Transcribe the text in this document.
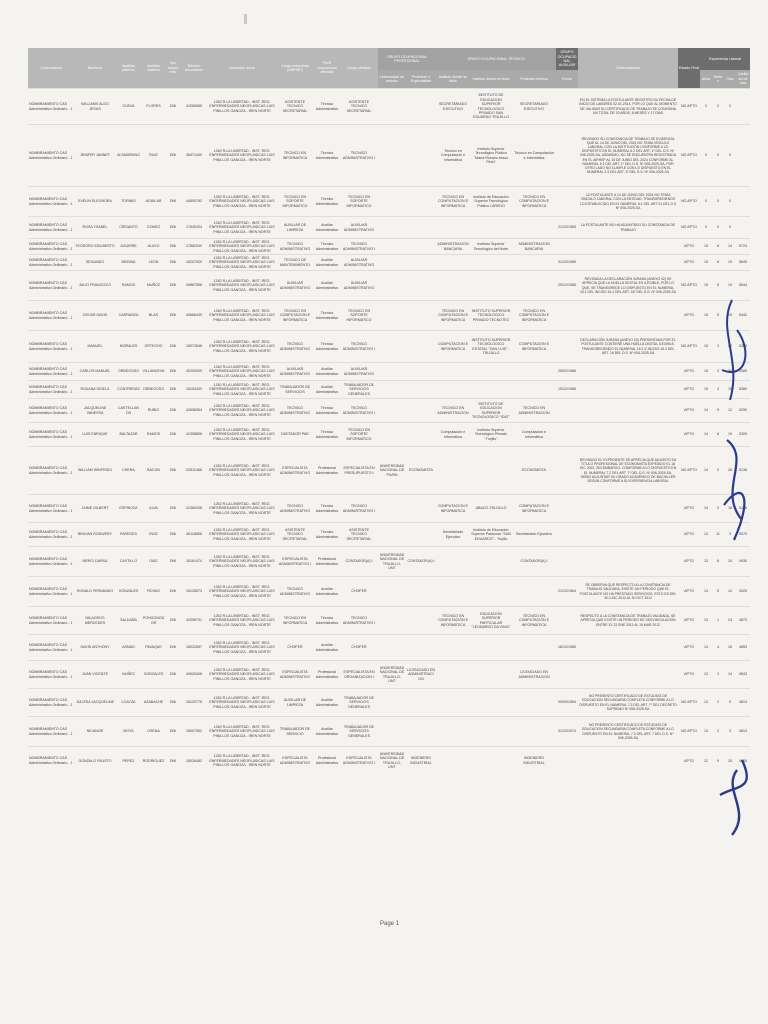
Convocatoria	Nombres	Apellido paterno	Apellido materno	Tipo documento	Número documento	Institución única	Cargo estructural (AIRHSP)	Perfil ocupacional ofertado	Cargo ofertado	GRUPO OCUPACIONAL PROFESIONAL		GRUPO OCUPACIONAL TÉCNICO			GRUPO OCUPACIONAL AUXILIAR	Observaciones	Estado Final	Experiencia Laboral			
										Universidad de estudio	Profesión o Especialidad	Instituto donde se titulo	Instituto donde se titulo	Profesión técnica	Fecha			Años	Meses	Días	Cantidad de días
NOMBRAMIENTO CAS Administrativo Ordinario - 1	WILLIAMS ALDO JESUS	CUEVA	FLORES	DNI	41066065	1262 R.LA LIBERTAD - INST. REG. ENFERMEDADES NEOPLASICAS LUIS PINILLOS GANOZA - IREN NORTE	ASISTENTE TECNICO SECRETARIAL	Técnico Administrativo	ASISTENTE TECNICO SECRETARIAL			SECRETARIADO EJECUTIVO	INSTITUTO DE EDUCACION SUPERIOR TECNOLOGICO PRIVADO SAN EDUARDO TRUJILLO	SECRETARIADO EJECUTIVO		EN EL SISTEMA LA POSTULANTE REGISTRO SU FECHA DE INICIO DE LABORES 02-01-2014, POR LO QUE AL MOMENTO DE VALIDAR SU CERTIFICADO DE TRABAJO SE CONSIGNA UN TOTAL DE 20 AÑOS, 8 MESES Y 17 DÍAS	NO APTO	0	0	0	
NOMBRAMIENTO CAS Administrativo Ordinario - 1	JENIFER JANNET	ALTAMIRANO	RUIZ	DNI	46471440	1262 R.LA LIBERTAD - INST. REG. ENFERMEDADES NEOPLASICAS LUIS PINILLOS GANOZA - IREN NORTE	TECNICO EN INFORMATICA	Técnico Administrativo	TECNICO ADMINISTRATIVO I			Técnico en Computación e Informática	Instituto Superior Tecnológico Público "María Rosario Araoz Pinto"	Técnico en Computación e Informática		REVISADO SU CONSTANCIA DE TRABAJO SE EVIDENCIA QUE AL 14 DE JUNIO DEL 2024 NO TENÍA VÍNCULO LABORAL CON LA INSTITUCIÓN CONFORME A LO DISPUESTO EN EL NUMERAL 6.2 DEL ART. 1º DEL D.S. Nº 006-2025-SA, ASIMISMO, NO SE ENCUENTRA REGISTRADA EN EL AIRHSP AL 15 DE JUNIO DEL 2024 CONFORME AL NUMERAL 6.1 DEL ART. 1º DEL D.S. Nº 006-2025-SA, POR OTRO LADO NO CUMPLE CON LO DISPUESTO EN EL NUMERAL 3.3 DEL ART. 3º DEL D.S. Nº 006-2025-SA	NO APTO	0	0	0	
NOMBRAMIENTO CAS Administrativo Ordinario - 1	EVELIN ELEONORA	TORIBIO	AGUILAR	DNI	44850762	1262 R.LA LIBERTAD - INST. REG. ENFERMEDADES NEOPLASICAS LUIS PINILLOS GANOZA - IREN NORTE	TECNICO EN SOPORTE INFORMATICO	Técnico Administrativo	TECNICO EN SOPORTE INFORMATICO			TECNICO EN COMPUTACION E INFORMATICA	Instituto de Educación Superior Tecnológico Público LAREDO	TECNICO EN COMPUTACION E INFORMATICA		LA POSTULANTE A 14 DE JUNIO DEL 2024 NO TENÍA VÍNCULO LABORAL CON LA ENTIDAD, TRANSGREDIENDO LO ESTABLECIDO EN EL NUMERAL 6.1 DEL ART 01 DEL D.S Nº 006-2025-SA	NO APTO	0	0	0	
NOMBRAMIENTO CAS Administrativo Ordinario - 1	ROSA YSABEL	CRISANTO	GOMEZ	DNI	17540204	1262 R.LA LIBERTAD - INST. REG. ENFERMEDADES NEOPLASICAS LUIS PINILLOS GANOZA - IREN NORTE	AUXILIAR DE LIMPIEZA	Auxiliar Administrativo	AUXILIAR ADMINISTRATIVO						21/12/1963	LA POSTULANTE NO HA ADJUNTADO SU CONSTANCIA DE TRABAJO	NO APTO	0	0	0	
NOMBRAMIENTO CAS Administrativo Ordinario - 1	TEODORO EDILBERTO	AGUIRRE	ALAYO	DNI	17882040	1262 R.LA LIBERTAD - INST. REG. ENFERMEDADES NEOPLASICAS LUIS PINILLOS GANOZA - IREN NORTE	TECNICO ADMINISTRATIVO	Técnico Administrativo	TECNICO ADMINISTRATIVO I			ADMINISTRACION BANCARIA	Instituto Superior Tecnológico del Norte	ADMINISTRACION BANCARIA			APTO	15	6	14	5724
NOMBRAMIENTO CAS Administrativo Ordinario - 1	SEGUNDO	MEDINA	LEON	DNI	18207929	1262 R.LA LIBERTAD - INST. REG. ENFERMEDADES NEOPLASICAS LUIS PINILLOS GANOZA - IREN NORTE	TECNICO DE MANTENIMIENTO	Auxiliar Administrativo	AUXILIAR ADMINISTRATIVO						31/12/1969		APTO	15	6	19	5649
NOMBRAMIENTO CAS Administrativo Ordinario - 1	JULIO FRANCISCO	RAMOS	MUÑOZ	DNI	09867598	1262 R.LA LIBERTAD - INST. REG. ENFERMEDADES NEOPLASICAS LUIS PINILLOS GANOZA - IREN NORTE	AUXILIAR ADMINISTRATIVO	Auxiliar Administrativo	AUXILIAR ADMINISTRATIVO						29/12/1965	REVISADA LA DECLARACIÓN JURADA (ANEXO 02) SE APRECIA QUE LA HUELLA DIGITAL ES ILEGIBLE, POR LO QUE, SE TRANSGREDE LO DISPUESTO EN EL NUMERAL 16.1 DEL INCISO 16.1 DEL ART. 16º DEL D.S. Nº 006-2025-SA	NO APTO	15	5	19	5544
NOMBRAMIENTO CAS Administrativo Ordinario - 1	OSCAR DAVID	CARRANZA	BLAS	DNI	40666449	1262 R.LA LIBERTAD - INST. REG. ENFERMEDADES NEOPLASICAS LUIS PINILLOS GANOZA - IREN NORTE	TECNICO EN COMPUTACION E INFORMATICA	Técnico Administrativo	TECNICO EN SOPORTE INFORMATICO			TECNICO EN COMPUTACION E INFORMATICA	INSTITUTO SUPERIOR TECNOLOGICO PRIVADO TECNOTEC	TECNICO EN COMPUTACION E INFORMATICA			APTO	15	5	19	5442
NOMBRAMIENTO CAS Administrativo Ordinario - 1	MANUEL	MORALES	ORTECHO	DNI	18072648	1262 R.LA LIBERTAD - INST. REG. ENFERMEDADES NEOPLASICAS LUIS PINILLOS GANOZA - IREN NORTE	TECNICO ADMINISTRATIVO	Técnico Administrativo	TECNICO ADMINISTRATIVO I			COMPUTACION E INFORMATICA	INSTITUTO SUPERIOR TECNOLOGICO ESTATAL "SAN LUIS" - TRUJILLO	COMPUTACION E INFORMATICA		DECLARACIÓN JURADA (ANEXO 02) PRESENTADA POR EL POSTULANTE CONTIENE UNA HUELLA DIGITAL ILEGIBLE, TRANSGREDIENDO EL NUMERAL 16.1 E INCISO 16.1 DEL ART. 16 DEL D.S. Nº 006-2025-SA	NO APTO	15	3	20	5385
NOMBRAMIENTO CAS Administrativo Ordinario - 1	CARLOS MANUEL	ORBEGOSO	VILLANUEVA	DNI	40200039	1262 R.LA LIBERTAD - INST. REG. ENFERMEDADES NEOPLASICAS LUIS PINILLOS GANOZA - IREN NORTE	AUXILIAR ADMINISTRATIVO	Auxiliar Administrativo	AUXILIAR ADMINISTRATIVO						25/02/1966		APTO	15	3	20	5385
NOMBRAMIENTO CAS Administrativo Ordinario - 1	ROXANA GISELA	CONTRERAS	ORBEGOSO	DNI	18163430	1262 R.LA LIBERTAD - INST. REG. ENFERMEDADES NEOPLASICAS LUIS PINILLOS GANOZA - IREN NORTE	TRABAJADOR DE SERVICIOS	Auxiliar Administrativo	TRABAJADOR DE SERVICIOS GENERALES						15/12/1986		APTO	15	3	15	5380
NOMBRAMIENTO CAS Administrativo Ordinario - 1	JACQUELINE VANESSA	CASTELLANOS	RUBIO	DNI	42696364	1262 R.LA LIBERTAD - INST. REG. ENFERMEDADES NEOPLASICAS LUIS PINILLOS GANOZA - IREN NORTE	TECNICO ADMINISTRATIVO	Técnico Administrativo	TECNICO ADMINISTRATIVO I			TECNICO EN ADMINISTRACION	INSTITUTO DE EDUCACION SUPERIOR TECNOLOGICO "IDAT"	TECNICO EN ADMINISTRACION			APTO	14	9	12	5250
NOMBRAMIENTO CAS Administrativo Ordinario - 1	LUIS ENRIQUE	BALTAZAR	RAMOS	DNI	41358856	1262 R.LA LIBERTAD - INST. REG. ENFERMEDADES NEOPLASICAS LUIS PINILLOS GANOZA - IREN NORTE	DIGITADOR PAD	Técnico Administrativo	TECNICO EN SOPORTE INFORMATICO			Computación e Informática	Instituto Superior Tecnológico Privado "Trujillo"	Computación e Informática			APTO	14	6	19	5309
NOMBRAMIENTO CAS Administrativo Ordinario - 1	WILLIAM WINFRIDO	CHERA	BACON	DNI	02811468	1262 R.LA LIBERTAD - INST. REG. ENFERMEDADES NEOPLASICAS LUIS PINILLOS GANOZA - IREN NORTE	ESPECIALISTA ADMINISTRATIVO	Profesional Administrativo	ESPECIALISTA EN PRESUPUESTO I	UNIVERSIDAD NACIONAL DE PIURA	ECONOMISTA			ECONOMISTA		REVISADO EL EXPEDIENTE SE APRECIA QUE ADJUNTO SU TITULO PROFESIONAL DE ECONOMISTA EXPEDIDO EL 16 DIC 2022, SIN EMBARGO, CONFORME A LO DISPUESTO EN EL NUMERAL 7.2 DEL ART. 7º DEL D.S. Nº 006-2025-SA, DEBIO ADJUNTAR SU GRADO ACADÉMICO DE BACHILLER SEGÚN CONFORME A SU EXPERIENCIA LABORAL	NO APTO	14	0	28	5136
NOMBRAMIENTO CAS Administrativo Ordinario - 1	JAIME GILBERT	ESPINOZA	ALVA	DNI	41384208	1262 R.LA LIBERTAD - INST. REG. ENFERMEDADES NEOPLASICAS LUIS PINILLOS GANOZA - IREN NORTE	TECNICO ADMINISTRATIVO	Técnico Administrativo	TECNICO ADMINISTRATIVO I			COMPUTACION E INFORMATICA	ABACO-TRUJILLO	COMPUTACION E INFORMATICA			APTO	14	0	18	5126
NOMBRAMIENTO CAS Administrativo Ordinario - 1	BRAYAN RODWERY	PAREDES	RUIZ	DNI	46118858	1262 R.LA LIBERTAD - INST. REG. ENFERMEDADES NEOPLASICAS LUIS PINILLOS GANOZA - IREN NORTE	ASISTENTE TECNICO SECRETARIAL	Técnico Administrativo	ASISTENTE TECNICO SECRETARIAL			Secretariado Ejecutivo	Instituto de Educación Superior Particular "SAN EDUARDO" - Trujillo	Secretariado Ejecutivo			APTO	13	11	3	5070
NOMBRAMIENTO CAS Administrativo Ordinario - 1	MERCI DARSA	CASTILLO	DIAZ	DNI	18161474	1262 R.LA LIBERTAD - INST. REG. ENFERMEDADES NEOPLASICAS LUIS PINILLOS GANOZA - IREN NORTE	ESPECIALISTA ADMINISTRATIVO I	Profesional Administrativo	CONTADOR(A) I	UNIVERSIDAD NACIONAL DE TRUJILLO- UNT	CONTADOR(A) I			CONTADOR(A) I			APTO	13	6	10	4930
NOMBRAMIENTO CAS Administrativo Ordinario - 1	RONALD FERNANDO	GONZALES	ROSAS	DNI	18128573	1262 R.LA LIBERTAD - INST. REG. ENFERMEDADES NEOPLASICAS LUIS PINILLOS GANOZA - IREN NORTE	TECNICO ADMINISTRATIVO	Auxiliar Administrativo	CHOFER						21/12/1964	SE OBSERVA QUE RESPECTO A LA CONSTANCIA DE TRABAJO VALIDADA, EXISTE UN PERIODO QUE EL POSTULANTE NO HA PRESTADO SERVICIOS, ESTO ES DEL 30.4.DIC 2012 AL 30 OCT 2012	APTO	13	5	12	4925
NOMBRAMIENTO CAS Administrativo Ordinario - 1	MILAGROS MERCEDES	SALDAÑA	PONGONODOR	DNI	42098701	1262 R.LA LIBERTAD - INST. REG. ENFERMEDADES NEOPLASICAS LUIS PINILLOS GANOZA - IREN NORTE	TECNICO EN INFORMATICA	Técnico Administrativo	TECNICO ADMINISTRATIVO I			TÉCNICO EN COMPUTACIÓN E INFORMÁTICA	EDUCACIÓN SUPERIOR PARTICULAR "LEONARDO DA VINCI"	TÉCNICO EN COMPUTACIÓN E INFORMÁTICA		RESPECTO A LA CONSTANCIA DE TRABAJO VALIDADA, SE APRECIA QUE EXISTE UN PERIODO DE DESVINCULACIÓN ENTRE EL 22 ENE 2011 AL 15 MAR 2012	APTO	13	1	24	4873
NOMBRAMIENTO CAS Administrativo Ordinario - 1	DAVID ANTHONY	ASMAD	PAVAQUE	DNI	18032857	1262 R.LA LIBERTAD - INST. REG. ENFERMEDADES NEOPLASICAS LUIS PINILLOS GANOZA - IREN NORTE	CHOFER	Auxiliar Administrativo	CHOFER						18/12/1980		APTO	13	4	16	4853
NOMBRAMIENTO CAS Administrativo Ordinario - 1	JUAN VICENTE	NUÑEZ	GONZALES	DNI	40625408	1262 R.LA LIBERTAD - INST. REG. ENFERMEDADES NEOPLASICAS LUIS PINILLOS GANOZA - IREN NORTE	ESPECIALISTA ADMINISTRATIVO	Profesional Administrativo	ESPECIALISTA EN ORGANIZACION I	UNIVERSIDAD NACIONAL DE TRUJILLO- UNT	LICENCIADO EN ADMINISTRACION			LICENCIADO EN ADMINISTRACION			APTO	13	3	14	4843
NOMBRAMIENTO CAS Administrativo Ordinario - 1	JULISSA JACQUELINE	LOAYZA	AZABACHE	DNI	18129775	1262 R.LA LIBERTAD - INST. REG. ENFERMEDADES NEOPLASICAS LUIS PINILLOS GANOZA - IREN NORTE	AUXILIAR DE LIMPIEZA	Auxiliar Administrativo	TRABAJADOR DE SERVICIOS GENERALES						09/09/1964	NO PRESENTO CERTIFICADO DE ESTUDIOS DE EDUCACION SECUNDARIA COMPLETA CONFORME A LO DISPUESTO EN EL NUMERAL 7.3 DEL ART. 7º DEL DECRETO SUPREMO Nº 006-2025-SA	NO APTO	13	2	9	4814
NOMBRAMIENTO CAS Administrativo Ordinario - 1	NICANOR	MOYA	OSENA	DNI	18057552	1262 R.LA LIBERTAD - INST. REG. ENFERMEDADES NEOPLASICAS LUIS PINILLOS GANOZA - IREN NORTE	TRABAJADOR DE SERVICIO	Auxiliar Administrativo	TRABAJADOR DE SERVICIOS GENERALES						31/12/1974	NO PRESENTO CERTIFICADO DE ESTUDIOS DE EDUCACION SECUNDARIA COMPLETA CONFORME A LO DISPUESTO EN EL NUMERAL 7.3 DEL ART. 7 DEL D.S. Nº 006-2025-SA	NO APTO	13	2	3	4814
NOMBRAMIENTO CAS Administrativo Ordinario - 1	GONZALO FAUSTO	PEREZ	RODRIGUEZ	DNI	18026462	1262 R.LA LIBERTAD - INST. REG. ENFERMEDADES NEOPLASICAS LUIS PINILLOS GANOZA - IREN NORTE	ESPECIALISTA ADMINISTRATIVO	Profesional Administrativo	ESPECIALISTA ADMINISTRATIVO I	UNIVERSIDAD NACIONAL DE TRUJILLO- UNT	INGENIERO INDUSTRIAL			INGENIERO INDUSTRIAL			APTO	12	9	15	4665
Page 1
